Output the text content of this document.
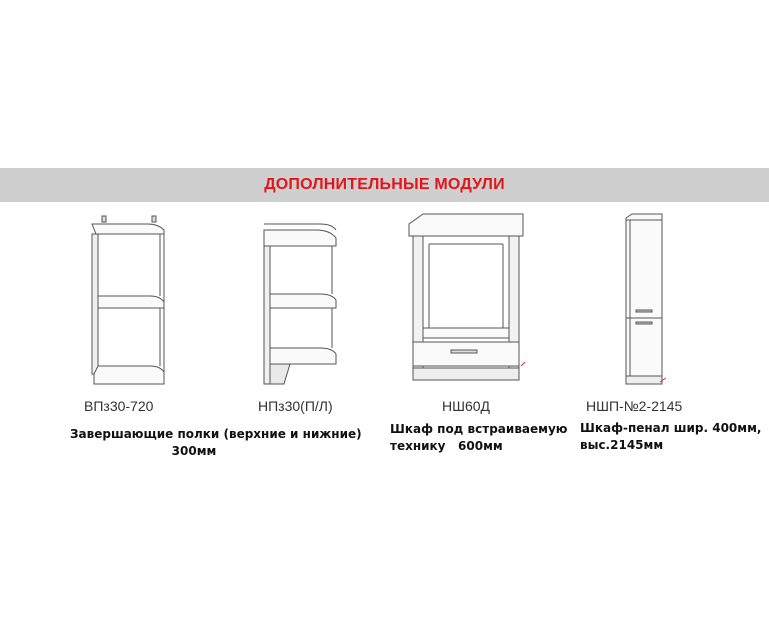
ДОПОЛНИТЕЛЬНЫЕ МОДУЛИ
ВПз30-720	НПз30(П/Л)	НШ60Д	НШП-№2-2145
Завершающие полки (верхние и нижние)
300мм
Шкаф под встраиваемую
технику   600мм
Шкаф-пенал шир. 400мм,
выс.2145мм
